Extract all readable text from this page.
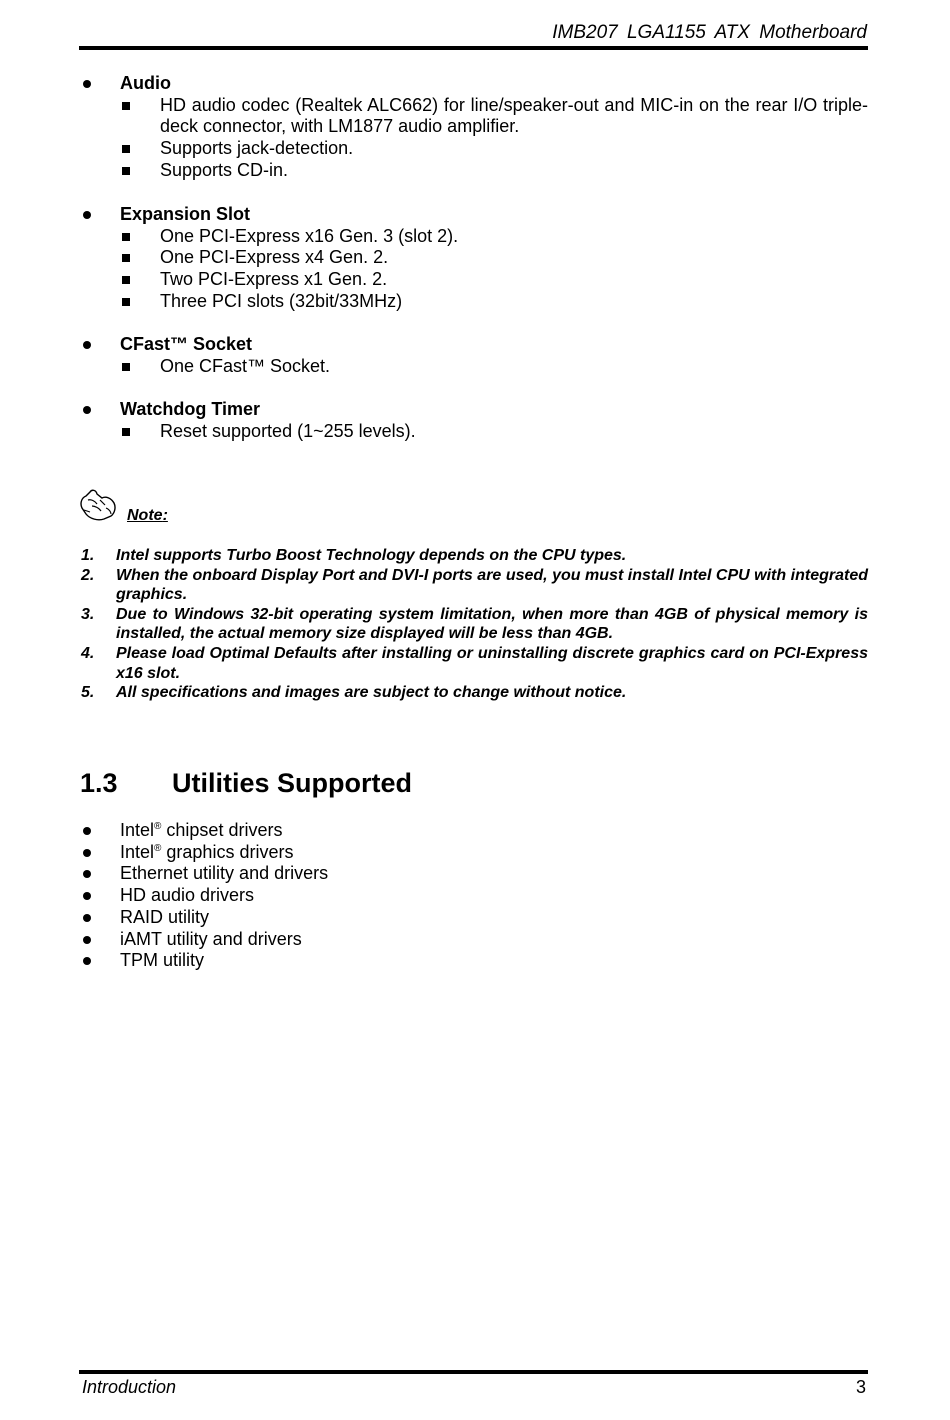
IMB207 LGA1155 ATX Motherboard
Audio
HD audio codec (Realtek ALC662) for line/speaker-out and MIC-in on the rear I/O triple-deck connector, with LM1877 audio amplifier.
Supports jack-detection.
Supports CD-in.
Expansion Slot
One PCI-Express x16 Gen. 3 (slot 2).
One PCI-Express x4 Gen. 2.
Two PCI-Express x1 Gen. 2.
Three PCI slots (32bit/33MHz)
CFast™ Socket
One CFast™ Socket.
Watchdog Timer
Reset supported (1~255 levels).
Note:
1. Intel supports Turbo Boost Technology depends on the CPU types.
2. When the onboard Display Port and DVI-I ports are used, you must install Intel CPU with integrated graphics.
3. Due to Windows 32-bit operating system limitation, when more than 4GB of physical memory is installed, the actual memory size displayed will be less than 4GB.
4. Please load Optimal Defaults after installing or uninstalling discrete graphics card on PCI-Express x16 slot.
5. All specifications and images are subject to change without notice.
1.3 Utilities Supported
Intel® chipset drivers
Intel® graphics drivers
Ethernet utility and drivers
HD audio drivers
RAID utility
iAMT utility and drivers
TPM utility
Introduction	3
